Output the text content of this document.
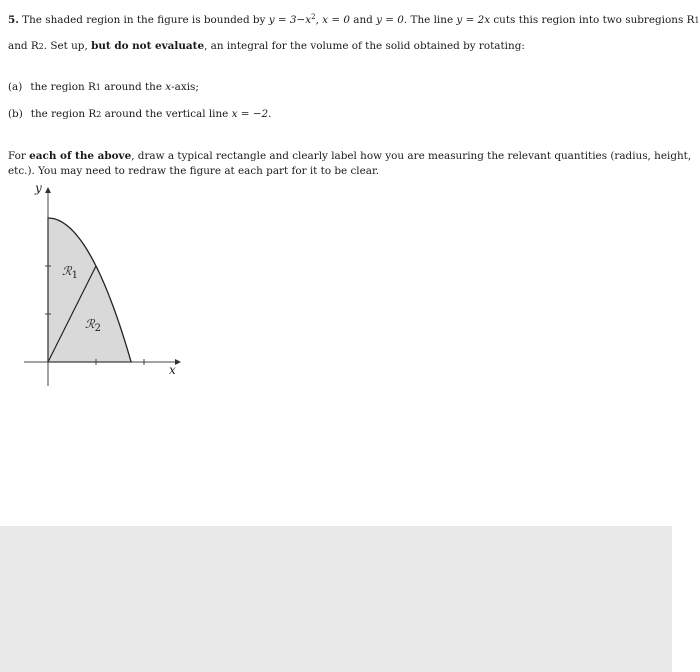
5. The shaded region in the figure is bounded by $y = 3-x^2$, x = 0 and y = 0. The line y = 2x cuts this region into two subregions R1
and R2. Set up, but do not evaluate, an integral for the volume of the solid obtained by rotating:
(a) the region R1 around the x-axis;
(b) the region R2 around the vertical line x = −2.
For each of the above, draw a typical rectangle and clearly label how you are measuring the relevant quantities (radius, height,
etc.). You may need to redraw the figure at each part for it to be clear.
y
x
ℛ$_1$
ℛ$_2$
